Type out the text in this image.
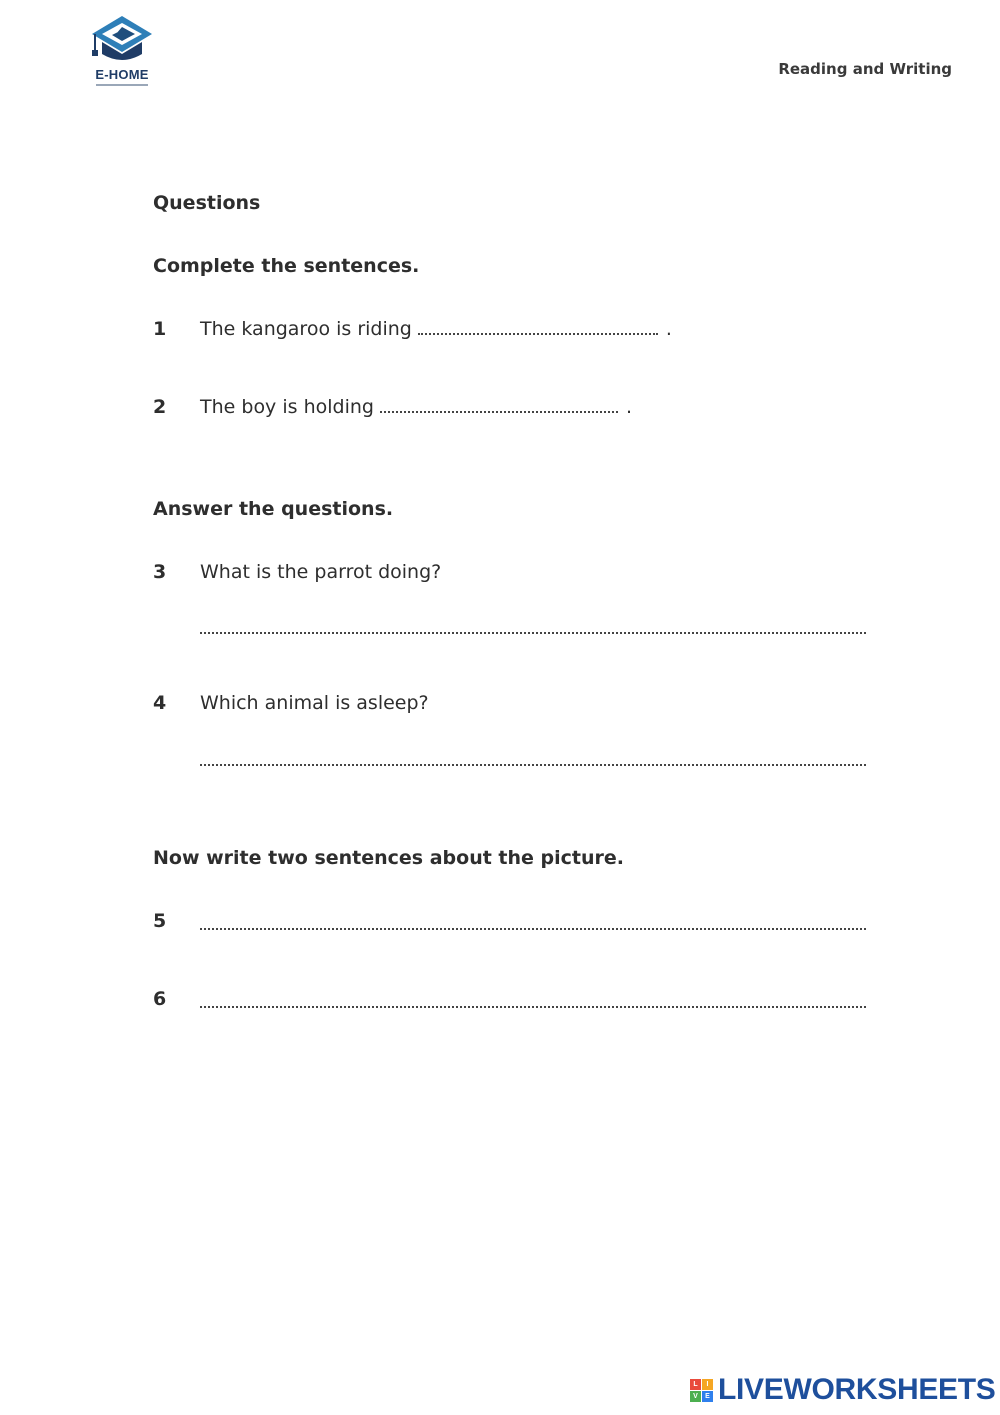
E-HOME	Reading and Writing
Questions
Complete the sentences.
1 The kangaroo is riding	.
2 The boy is holding	.
Answer the questions.
3 What is the parrot doing?
4 Which animal is asleep?
Now write two sentences about the picture.
5
6
L	I
V	E LIVEWORKSHEETS
